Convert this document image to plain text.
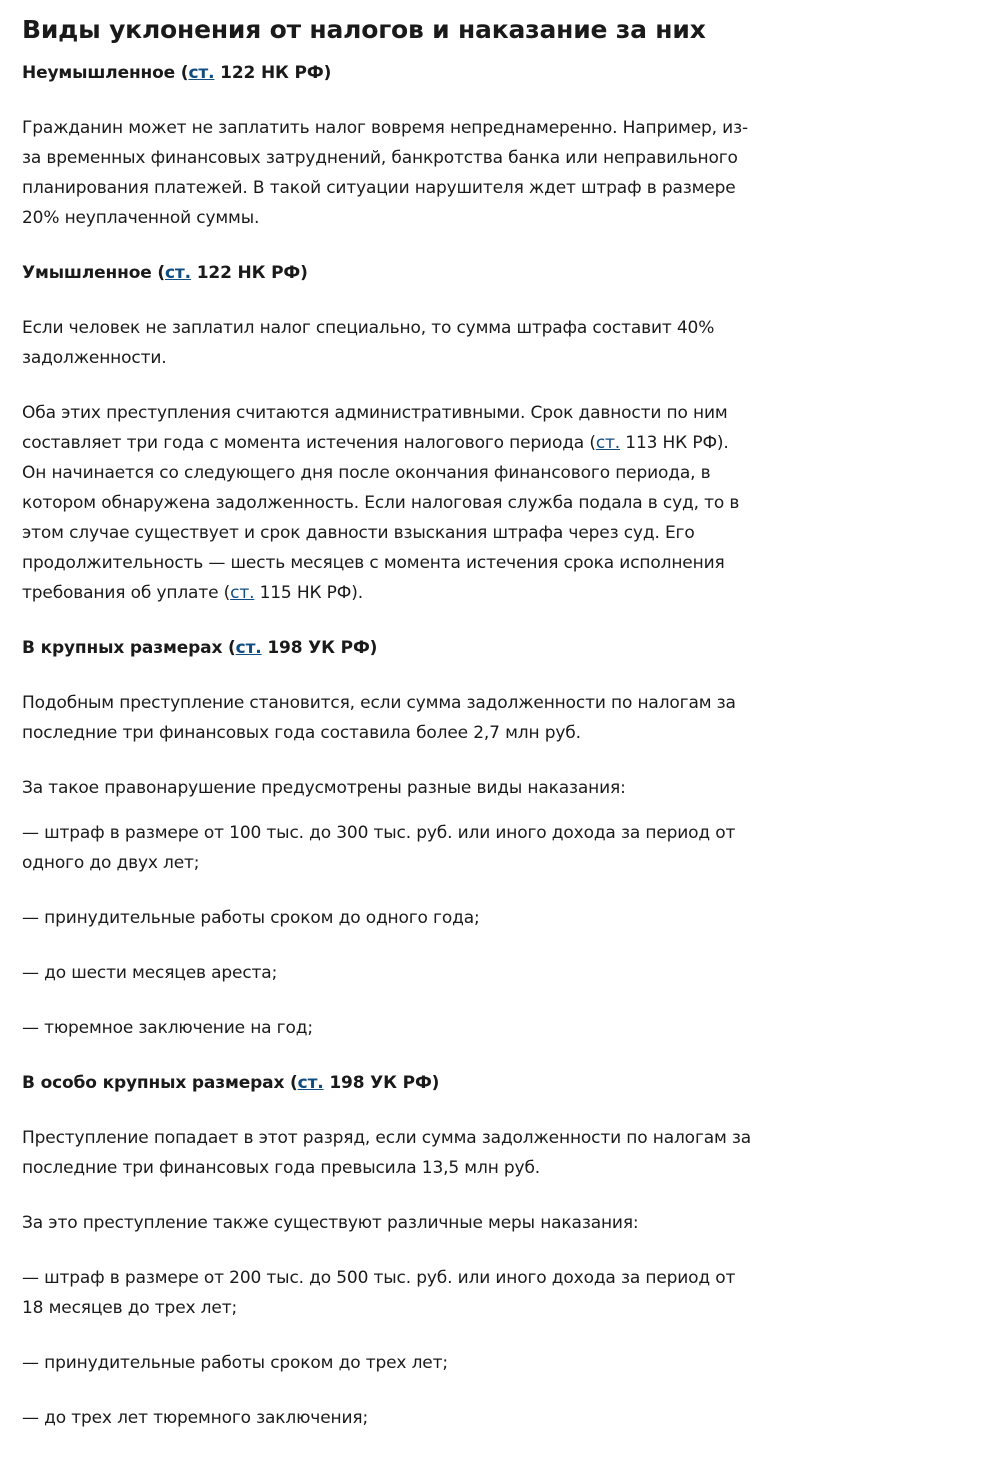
Виды уклонения от налогов и наказание за них

Неумышленное (ст. 122 НК РФ)

Гражданин может не заплатить налог вовремя непреднамеренно. Например, из-за временных финансовых затруднений, банкротства банка или неправильного планирования платежей. В такой ситуации нарушителя ждет штраф в размере 20% неуплаченной суммы.

Умышленное (ст. 122 НК РФ)

Если человек не заплатил налог специально, то сумма штрафа составит 40% задолженности.

Оба этих преступления считаются административными. Срок давности по ним составляет три года с момента истечения налогового периода (ст. 113 НК РФ). Он начинается со следующего дня после окончания финансового периода, в котором обнаружена задолженность. Если налоговая служба подала в суд, то в этом случае существует и срок давности взыскания штрафа через суд. Его продолжительность — шесть месяцев с момента истечения срока исполнения требования об уплате (ст. 115 НК РФ).

В крупных размерах (ст. 198 УК РФ)

Подобным преступление становится, если сумма задолженности по налогам за последние три финансовых года составила более 2,7 млн руб.

За такое правонарушение предусмотрены разные виды наказания:

— штраф в размере от 100 тыс. до 300 тыс. руб. или иного дохода за период от одного до двух лет;

— принудительные работы сроком до одного года;

— до шести месяцев ареста;

— тюремное заключение на год;

В особо крупных размерах (ст. 198 УК РФ)

Преступление попадает в этот разряд, если сумма задолженности по налогам за последние три финансовых года превысила 13,5 млн руб.

За это преступление также существуют различные меры наказания:

— штраф в размере от 200 тыс. до 500 тыс. руб. или иного дохода за период от 18 месяцев до трех лет;

— принудительные работы сроком до трех лет;

— до трех лет тюремного заключения;
